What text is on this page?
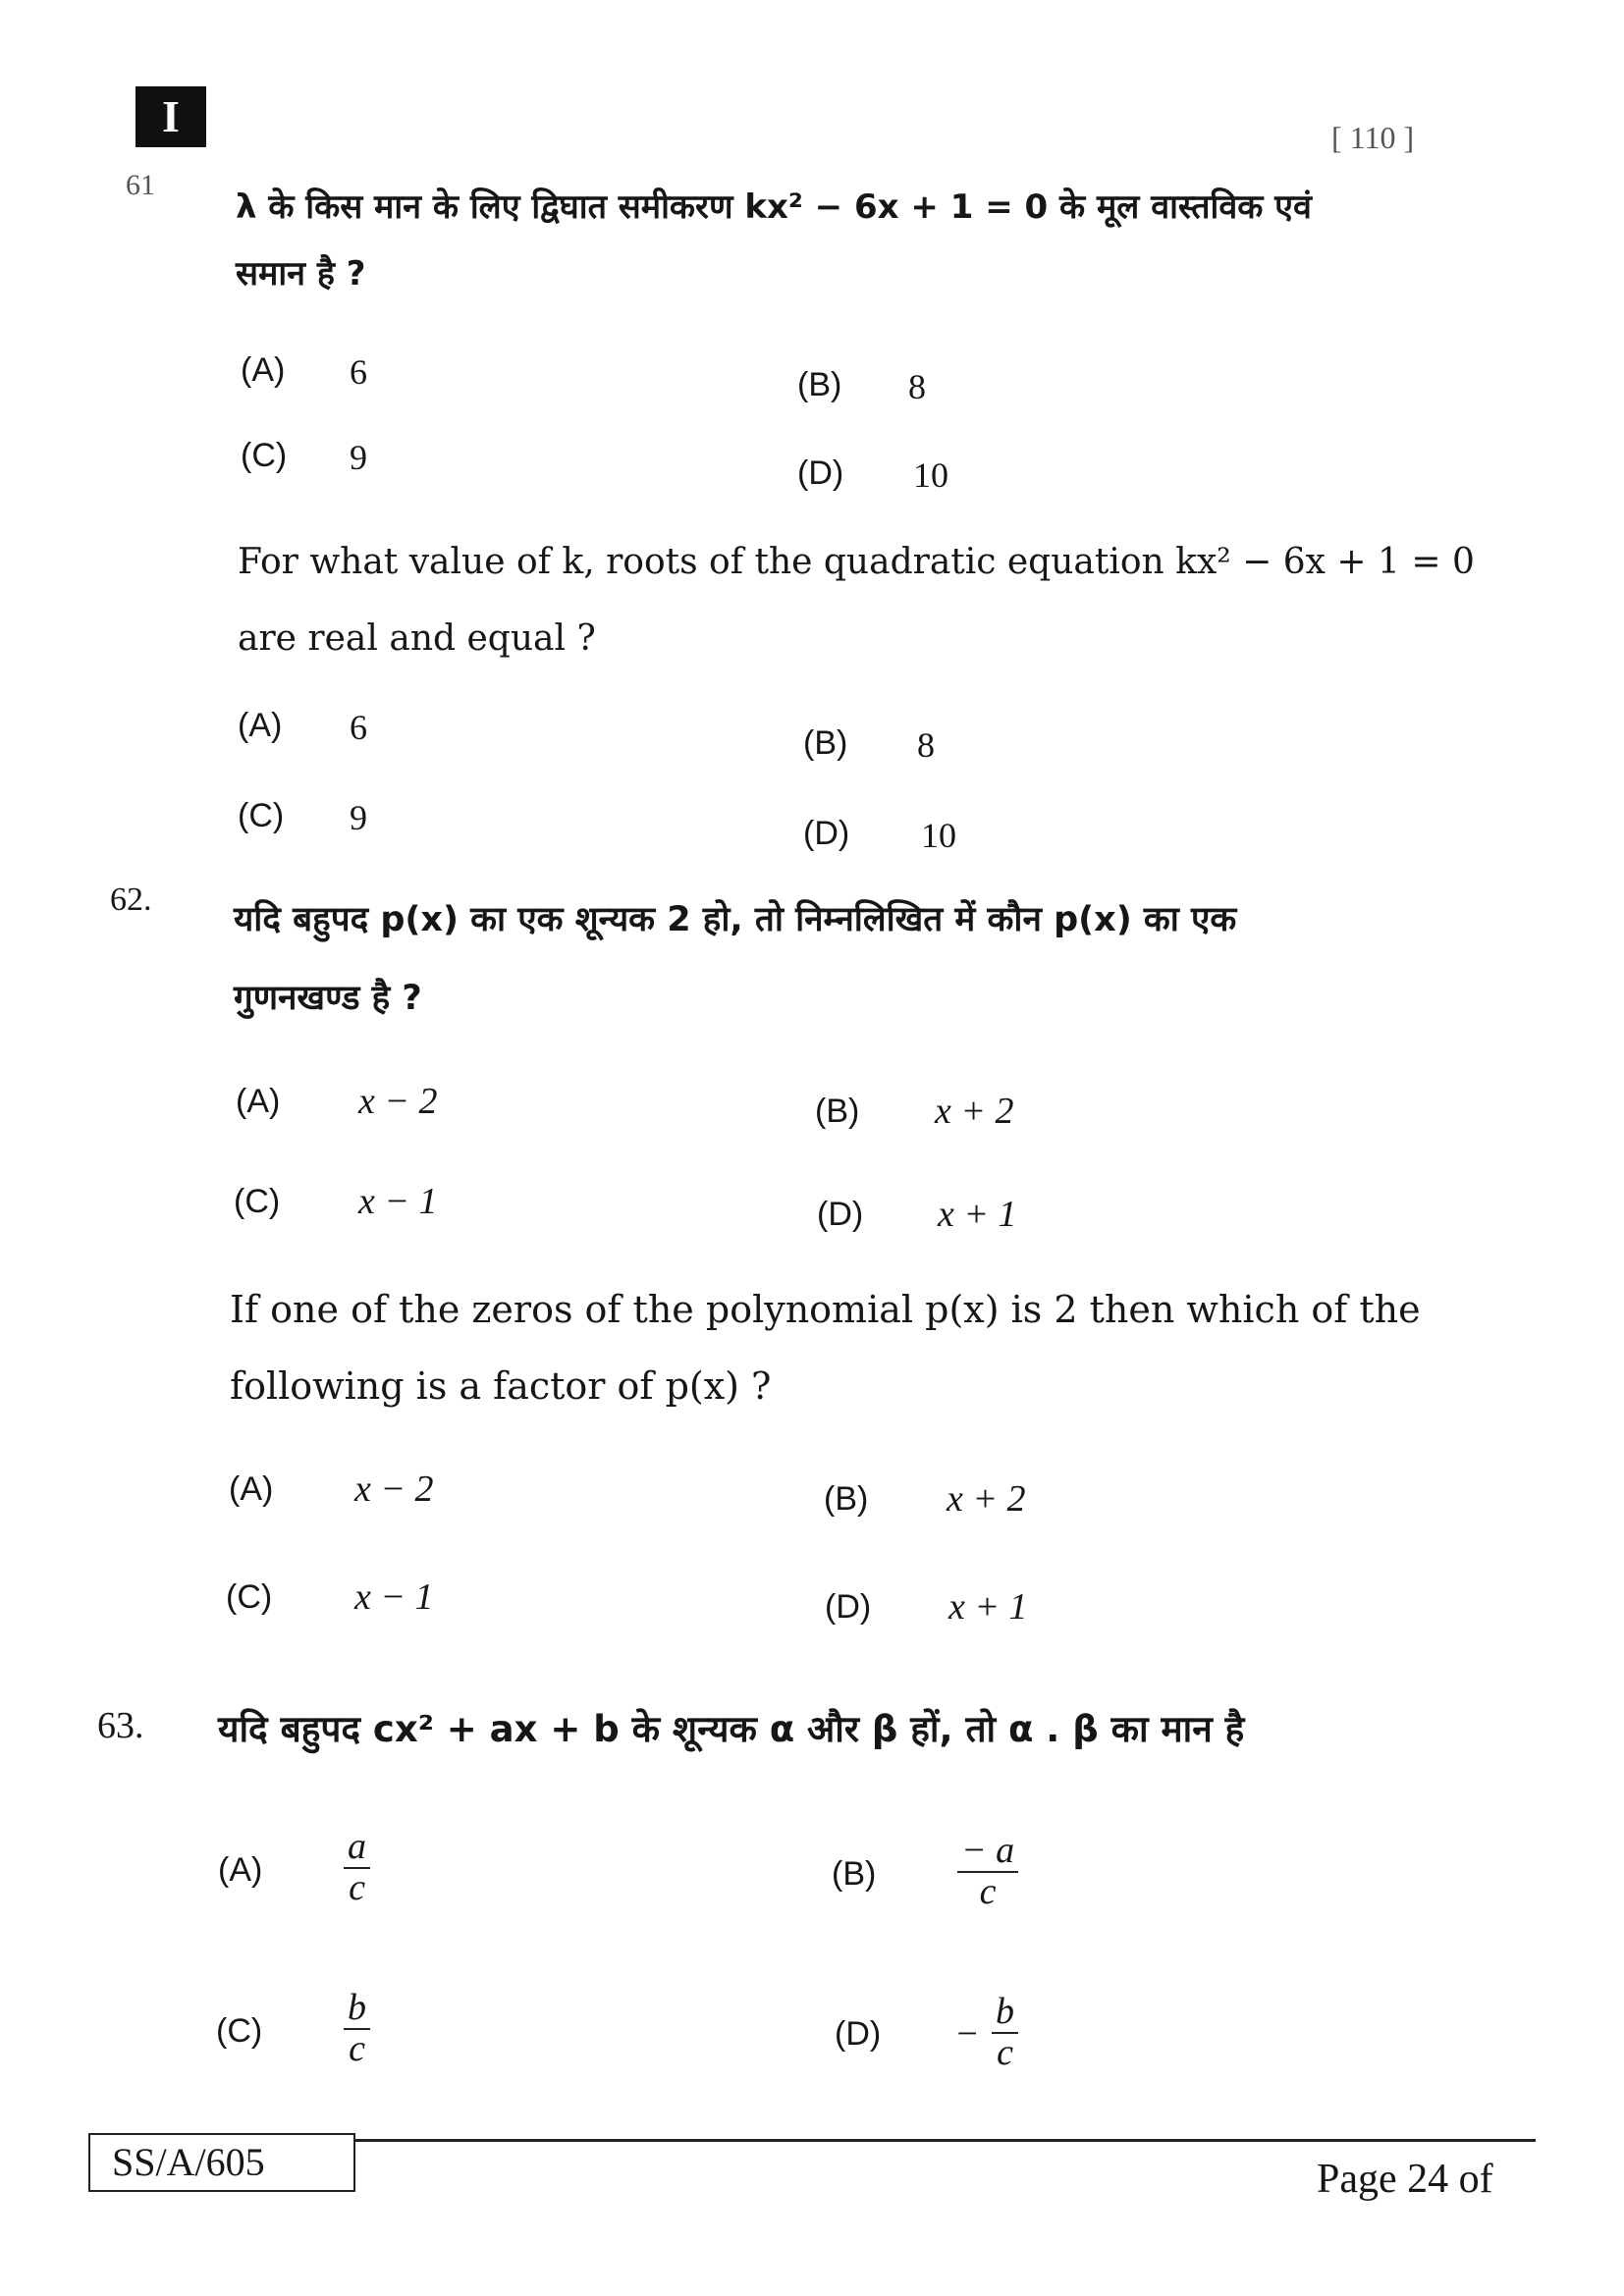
I	[ 110 ]
61
λ के किस मान के लिए द्विघात समीकरण kx² − 6x + 1 = 0 के मूल वास्तविक एवं
समान है ?
(A) 6	(B) 8
(C) 9	(D) 10
For what value of k, roots of the quadratic equation kx² − 6x + 1 = 0
are real and equal ?
(A) 6	(B) 8
(C) 9	(D) 10
62.
यदि बहुपद p(x) का एक शून्यक 2 हो, तो निम्नलिखित में कौन p(x) का एक
गुणनखण्ड है ?
(A) x − 2	(B) x + 2
(C) x − 1	(D) x + 1
If one of the zeros of the polynomial p(x) is 2 then which of the
following is a factor of p(x) ?
(A) x − 2	(B) x + 2
(C) x − 1	(D) x + 1
63. यदि बहुपद cx² + ax + b के शून्यक α और β हों, तो α . β का मान है
$(A) \frac{a}{c}$	$(B) \frac{- a}{c}$
$(C) \frac{b}{c}$	$(D) - \frac{b}{c}$
SS/A/605	Page 24 of
